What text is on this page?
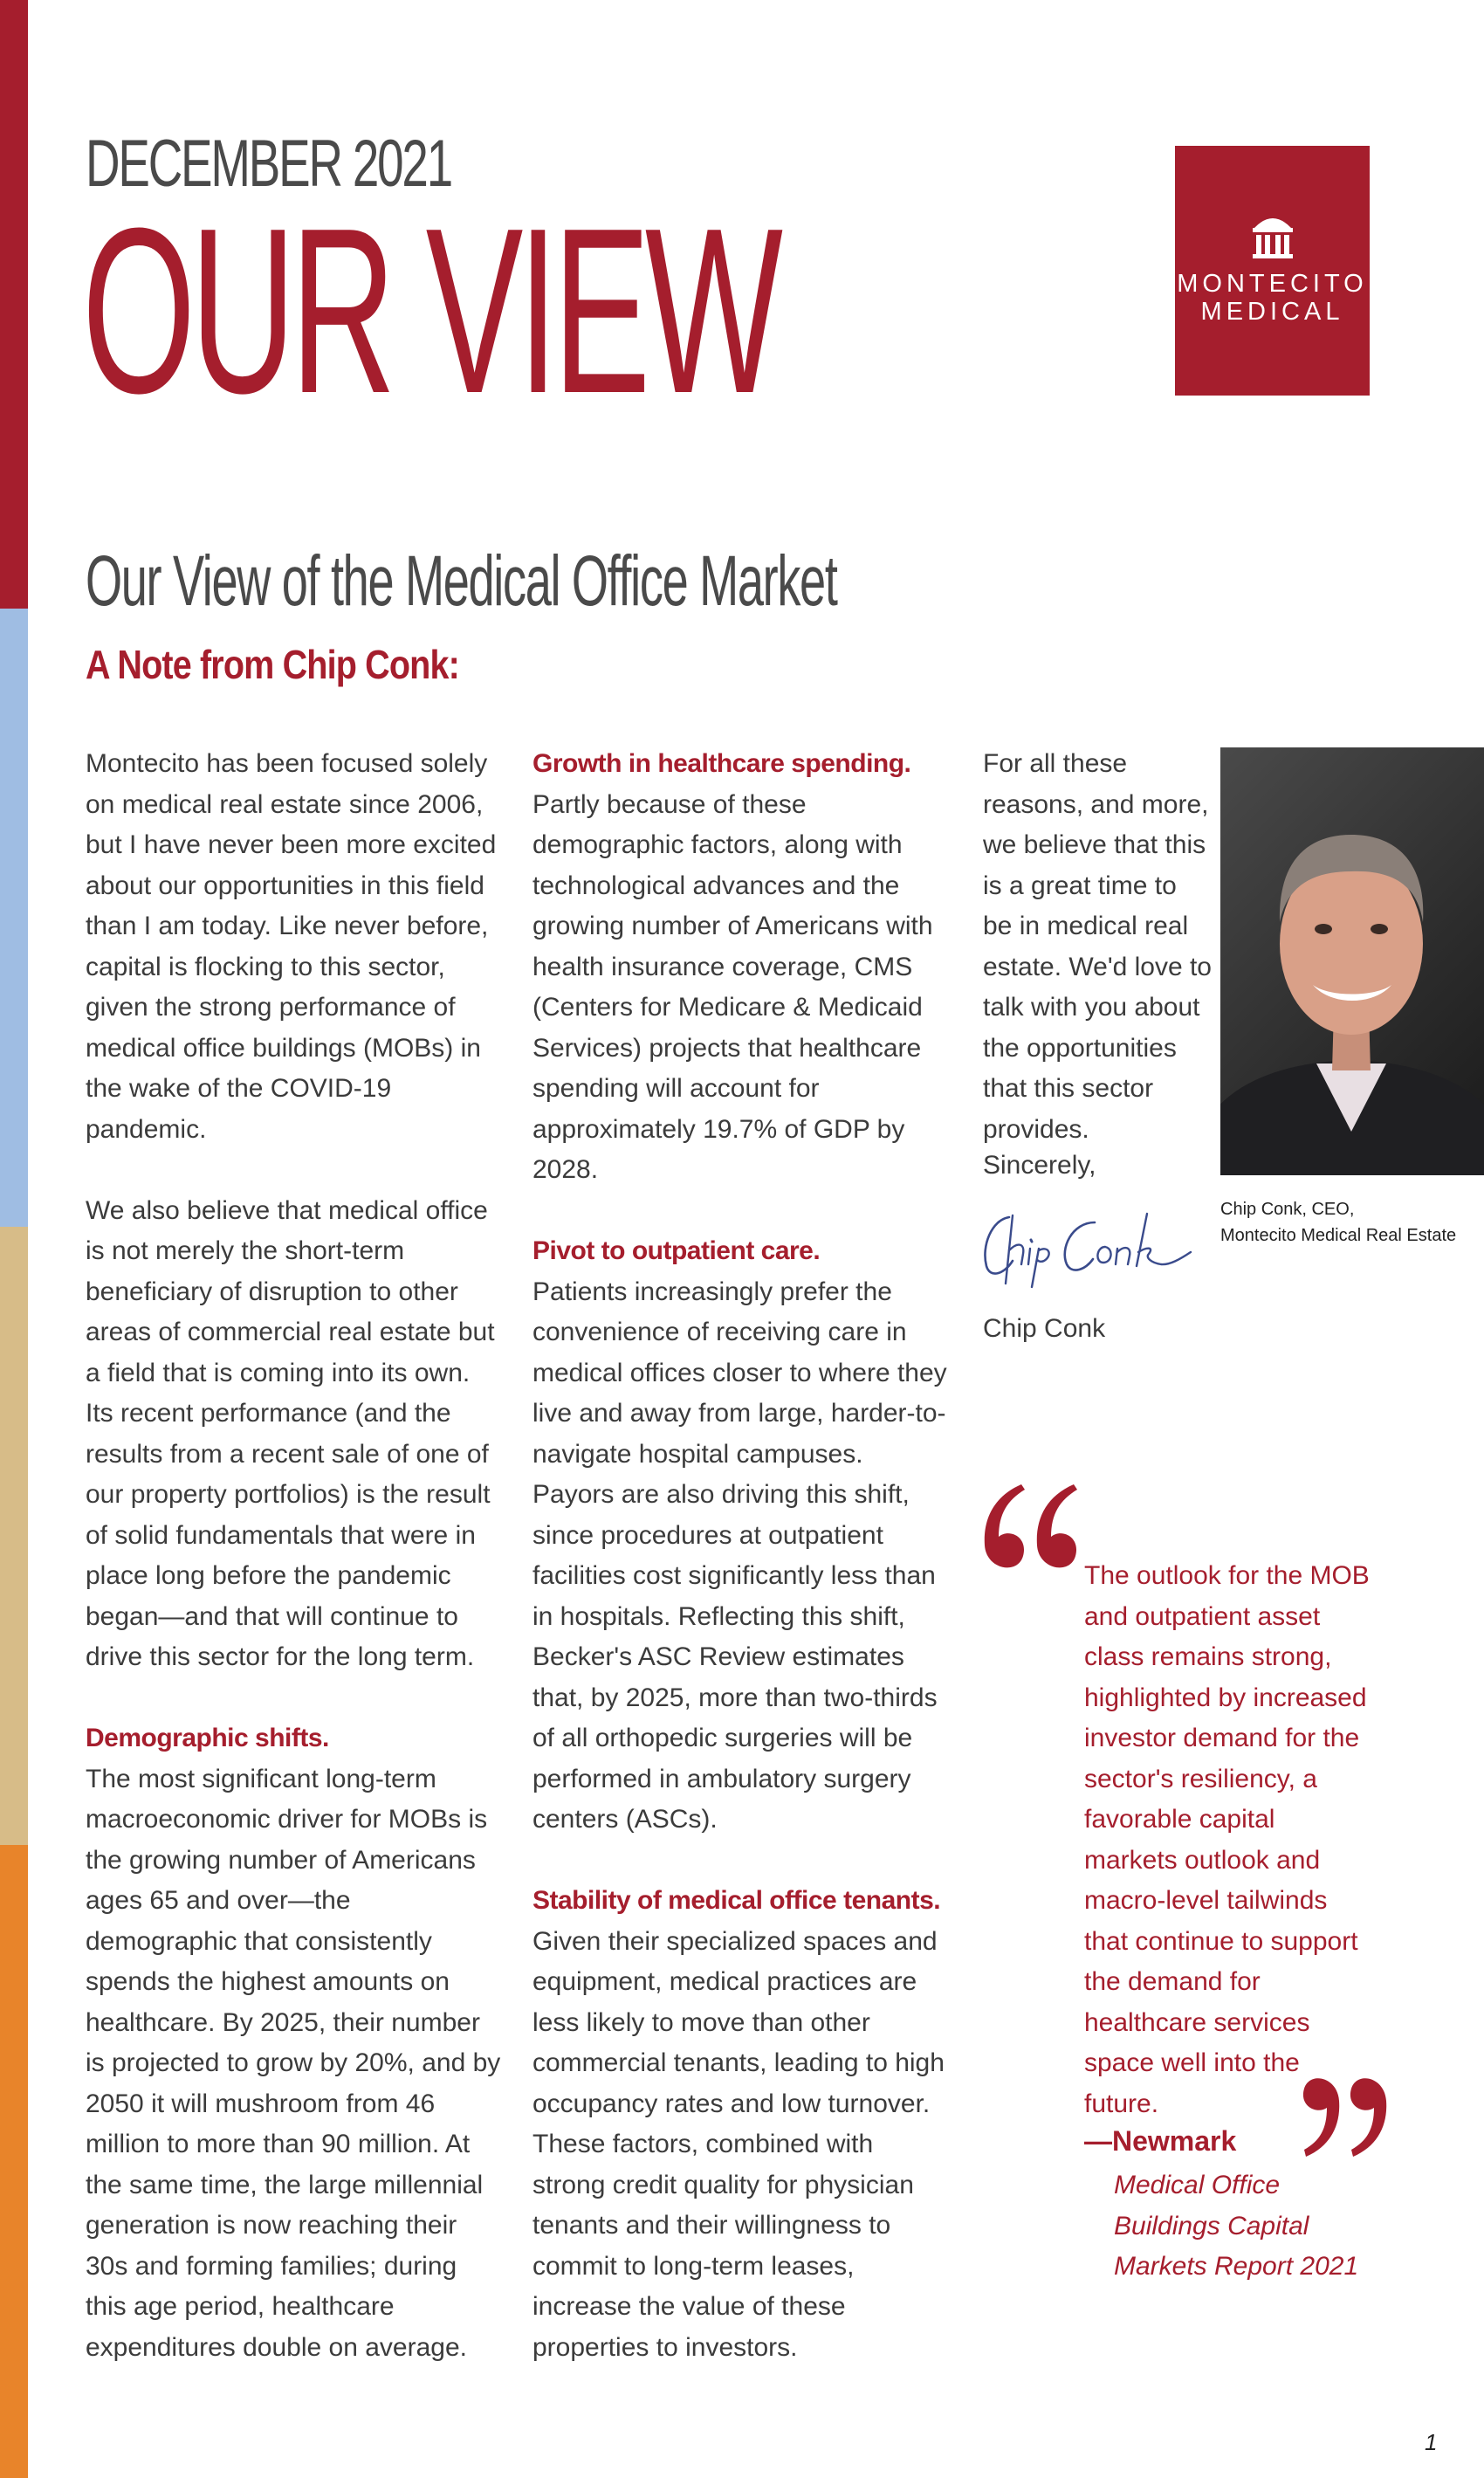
DECEMBER 2021
OUR VIEW	MONTECITO
MEDICAL
Our View of the Medical Office Market
A Note from Chip Conk:

Montecito has been focused solely on medical real estate since 2006, but I have never been more excited about our opportunities in this field than I am today. Like never before, capital is flocking to this sector, given the strong performance of medical office buildings (MOBs) in the wake of the COVID-19 pandemic.

We also believe that medical office is not merely the short-term beneficiary of disruption to other areas of commercial real estate but a field that is coming into its own. Its recent performance (and the results from a recent sale of one of our property portfolios) is the result of solid fundamentals that were in place long before the pandemic began—and that will continue to drive this sector for the long term.

Demographic shifts.
The most significant long-term macroeconomic driver for MOBs is the growing number of Americans ages 65 and over—the demographic that consistently spends the highest amounts on healthcare. By 2025, their number is projected to grow by 20%, and by 2050 it will mushroom from 46 million to more than 90 million. At the same time, the large millennial generation is now reaching their 30s and forming families; during this age period, healthcare expenditures double on average.

Growth in healthcare spending.
Partly because of these demographic factors, along with technological advances and the growing number of Americans with health insurance coverage, CMS (Centers for Medicare & Medicaid Services) projects that healthcare spending will account for approximately 19.7% of GDP by 2028.

Pivot to outpatient care.
Patients increasingly prefer the convenience of receiving care in medical offices closer to where they live and away from large, harder-to-navigate hospital campuses. Payors are also driving this shift, since procedures at outpatient facilities cost significantly less than in hospitals. Reflecting this shift, Becker's ASC Review estimates that, by 2025, more than two-thirds of all orthopedic surgeries will be performed in ambulatory surgery centers (ASCs).

Stability of medical office tenants.
Given their specialized spaces and equipment, medical practices are less likely to move than other commercial tenants, leading to high occupancy rates and low turnover. These factors, combined with strong credit quality for physician tenants and their willingness to commit to long-term leases, increase the value of these properties to investors.

For all these reasons, and more, we believe that this is a great time to be in medical real estate. We'd love to talk with you about the opportunities that this sector provides.

Sincerely,
Chip Conk
Chip Conk, CEO,
Montecito Medical Real Estate
The outlook for the MOB and outpatient asset class remains strong, highlighted by increased investor demand for the sector's resiliency, a favorable capital markets outlook and macro-level tailwinds that continue to support the demand for healthcare services space well into the future.
—Newmark
Medical Office Buildings Capital Markets Report 2021
1
